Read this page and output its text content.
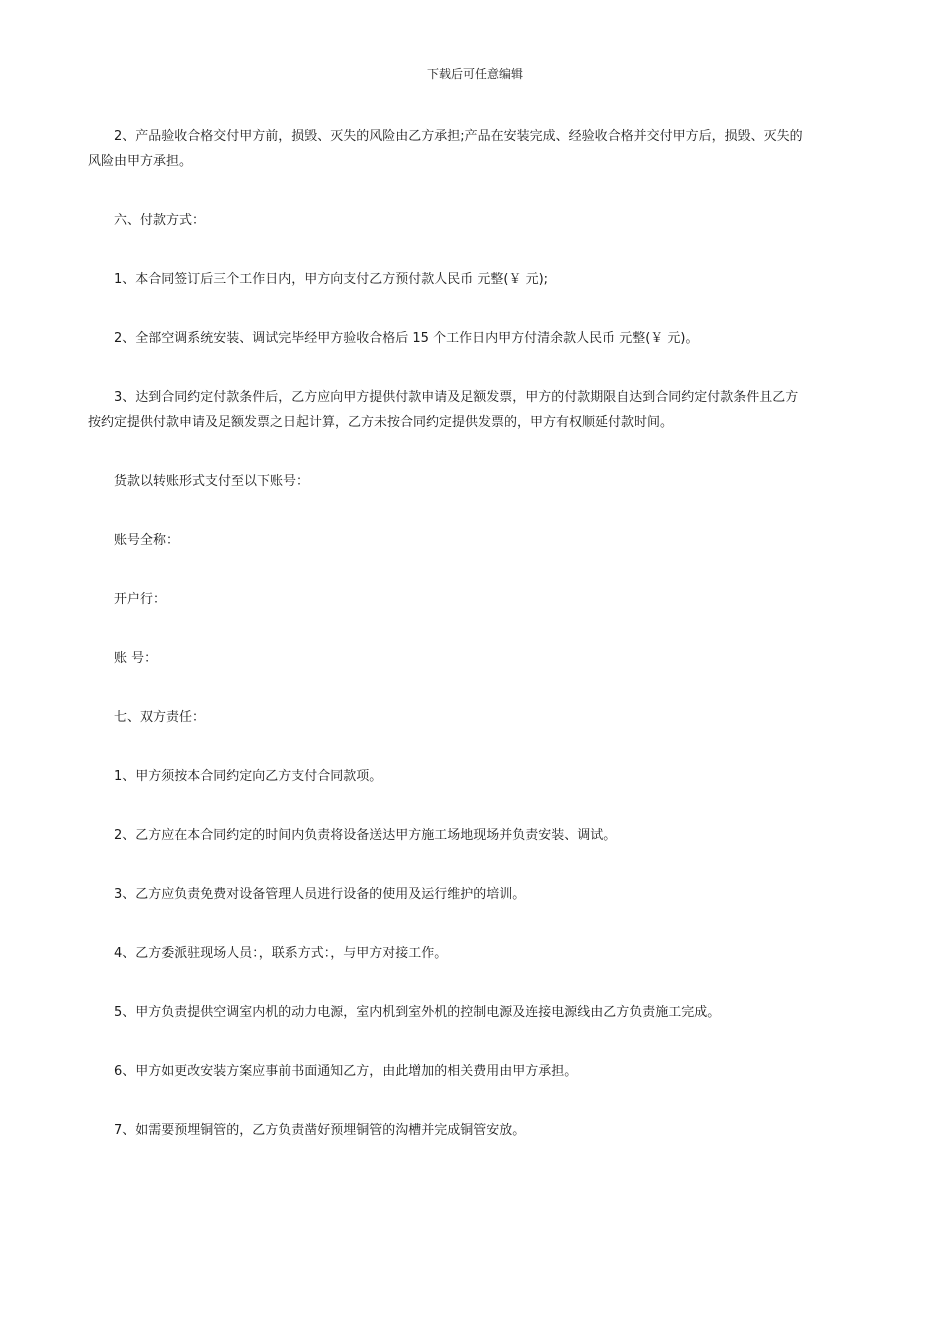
下载后可任意编辑
2、产品验收合格交付甲方前，损毁、灭失的风险由乙方承担;产品在安装完成、经验收合格并交付甲方后，损毁、灭失的
风险由甲方承担。
六、付款方式：
1、本合同签订后三个工作日内，甲方向支付乙方预付款人民币 元整(￥ 元);
2、全部空调系统安装、调试完毕经甲方验收合格后 15 个工作日内甲方付清余款人民币 元整(￥ 元)。
3、达到合同约定付款条件后，乙方应向甲方提供付款申请及足额发票，甲方的付款期限自达到合同约定付款条件且乙方
按约定提供付款申请及足额发票之日起计算，乙方未按合同约定提供发票的，甲方有权顺延付款时间。
货款以转账形式支付至以下账号：
账号全称：
开户行：
账 号：
七、双方责任：
1、甲方须按本合同约定向乙方支付合同款项。
2、乙方应在本合同约定的时间内负责将设备送达甲方施工场地现场并负责安装、调试。
3、乙方应负责免费对设备管理人员进行设备的使用及运行维护的培训。
4、乙方委派驻现场人员：，联系方式：，与甲方对接工作。
5、甲方负责提供空调室内机的动力电源，室内机到室外机的控制电源及连接电源线由乙方负责施工完成。
6、甲方如更改安装方案应事前书面通知乙方，由此增加的相关费用由甲方承担。
7、如需要预埋铜管的，乙方负责凿好预埋铜管的沟槽并完成铜管安放。
